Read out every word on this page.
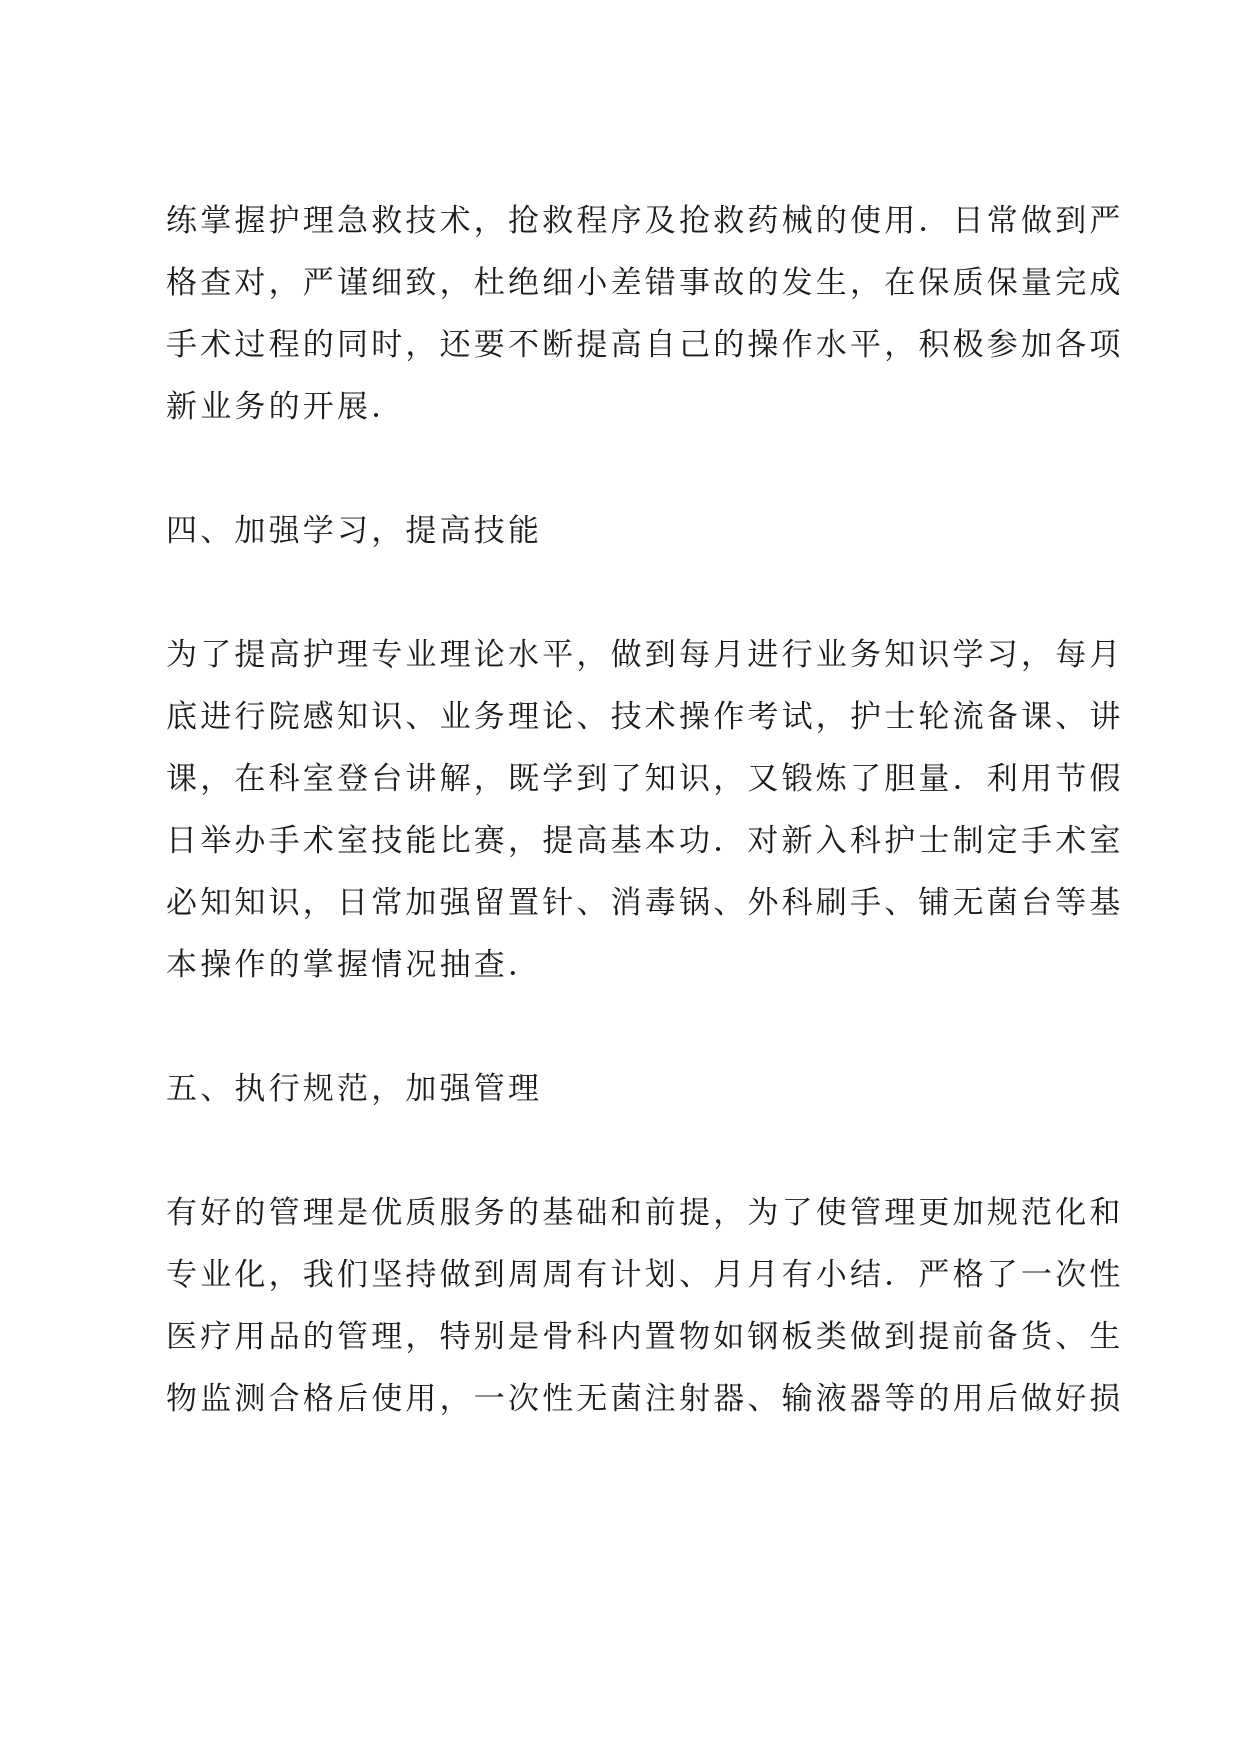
练掌握护理急救技术，抢救程序及抢救药械的使用．日常做到严
格查对，严谨细致，杜绝细小差错事故的发生，在保质保量完成
手术过程的同时，还要不断提高自己的操作水平，积极参加各项
新业务的开展．
四、加强学习，提高技能
为了提高护理专业理论水平，做到每月进行业务知识学习，每月
底进行院感知识、业务理论、技术操作考试，护士轮流备课、讲
课，在科室登台讲解，既学到了知识，又锻炼了胆量．利用节假
日举办手术室技能比赛，提高基本功．对新入科护士制定手术室
必知知识，日常加强留置针、消毒锅、外科刷手、铺无菌台等基
本操作的掌握情况抽查．
五、执行规范，加强管理
有好的管理是优质服务的基础和前提，为了使管理更加规范化和
专业化，我们坚持做到周周有计划、月月有小结．严格了一次性
医疗用品的管理，特别是骨科内置物如钢板类做到提前备货、生
物监测合格后使用，一次性无菌注射器、输液器等的用后做好损
